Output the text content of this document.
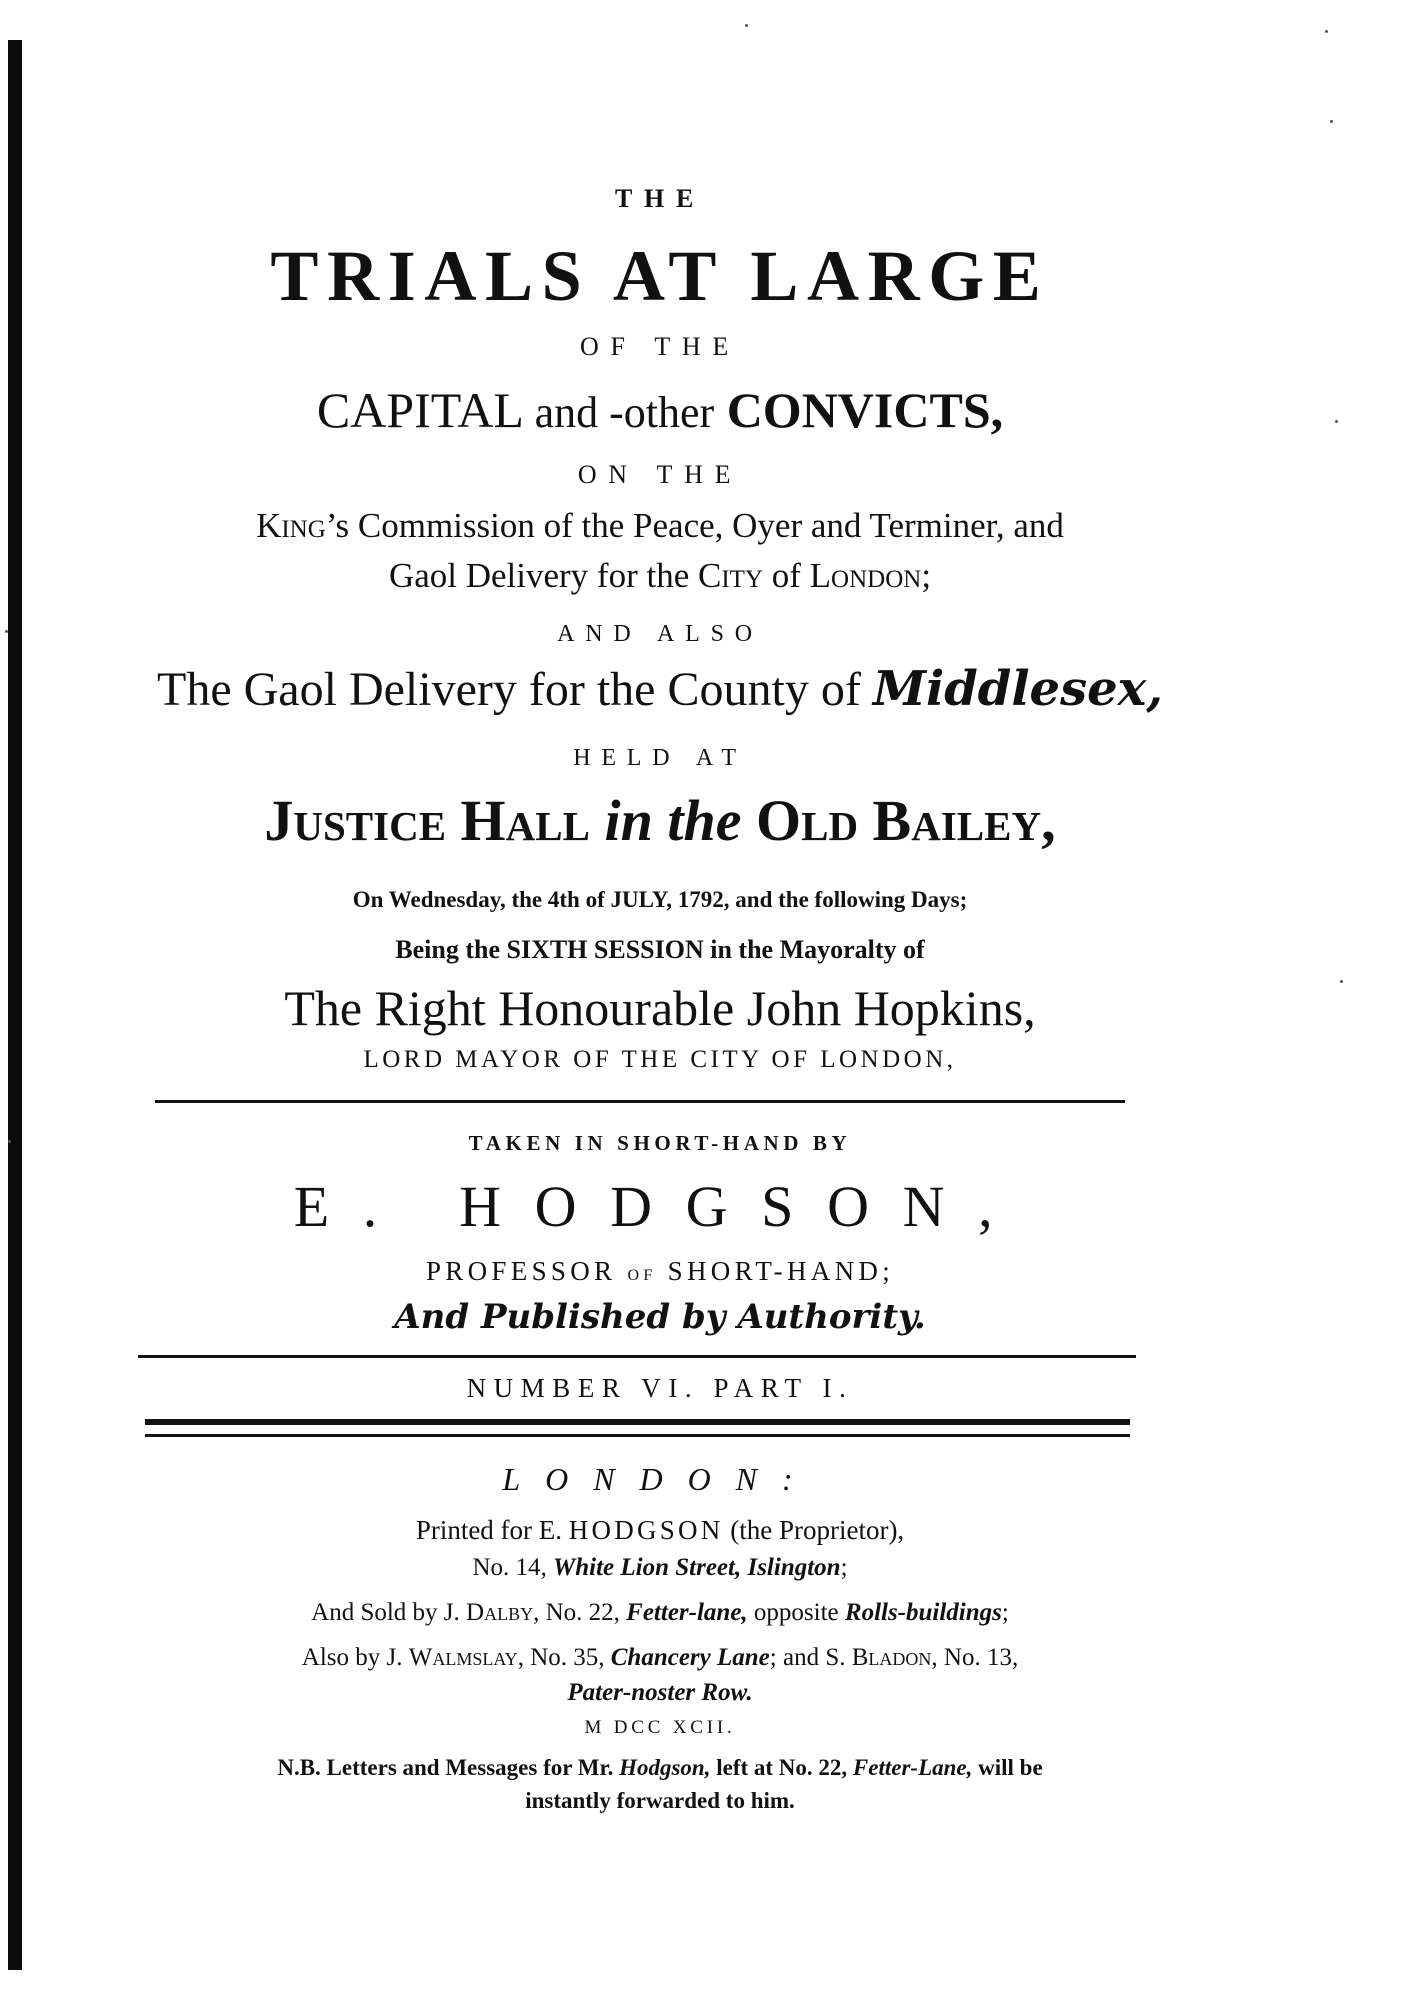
THE
TRIALS AT LARGE
OF THE
CAPITAL and -other CONVICTS,
ON THE
King’s Commission of the Peace, Oyer and Terminer, and
Gaol Delivery for the City of London;
AND ALSO
The Gaol Delivery for the County of Middlesex,
HELD AT
Justice Hall in the Old Bailey,
On Wednesday, the 4th of JULY, 1792, and the following Days;
Being the SIXTH SESSION in the Mayoralty of
The Right Honourable John Hopkins,
LORD MAYOR OF THE CITY OF LONDON,
TAKEN IN SHORT-HAND BY
E. HODGSON,
PROFESSOR OF SHORT-HAND;
And Published by Authority.
NUMBER VI. PART I.
LONDON:
Printed for E. HODGSON (the Proprietor),
No. 14, White Lion Street, Islington;
And Sold by J. Dalby, No. 22, Fetter-lane, opposite Rolls-buildings;
Also by J. Walmslay, No. 35, Chancery Lane; and S. Bladon, No. 13,
Pater-noster Row.
M DCC XCII.
N.B. Letters and Messages for Mr. Hodgson, left at No. 22, Fetter-Lane, will be
instantly forwarded to him.
